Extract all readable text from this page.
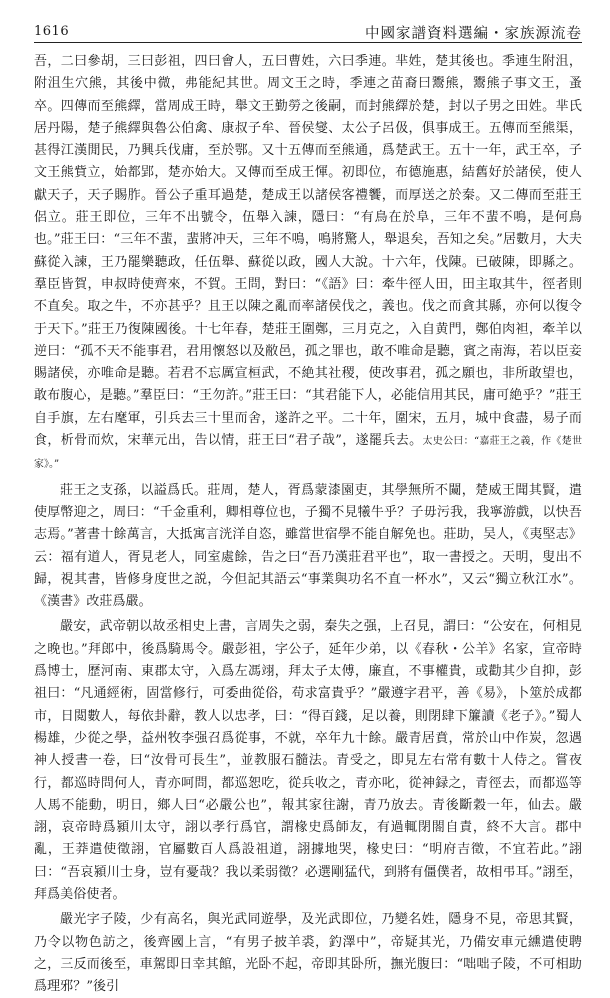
1616	中國家譜資料選編・家族源流卷

吾，二曰參胡，三曰彭祖，四曰會人，五曰曹姓，六曰季連。芈姓，楚其後也。季連生附沮，附沮生穴熊，其後中微，弗能紀其世。周文王之時，季連之苗裔曰鬻熊，鬻熊子事文王，蚤卒。四傳而至熊繹，當周成王時，舉文王勤勞之後嗣，而封熊繹於楚，封以子男之田姓。芈氏居丹陽，楚子熊繹與魯公伯禽、康叔子牟、晉侯燮、太公子呂伋，俱事成王。五傳而至熊渠，甚得江漢閒民，乃興兵伐庸，至於鄂。又十五傳而至熊通，爲楚武王。五十一年，武王卒，子文王熊貲立，始都郢，楚亦始大。又傳而至成王惲。初即位，布德施惠，結舊好於諸侯，使人獻天子，天子賜胙。晉公子重耳過楚，楚成王以諸侯客禮饗，而厚送之於秦。又二傳而至莊王侶立。莊王即位，三年不出號令，伍舉入諫，隱曰：“有鳥在於阜，三年不蜚不鳴，是何鳥也。”莊王曰：“三年不蜚，蜚將冲天，三年不鳴，鳴將驚人，舉退矣，吾知之矣。”居數月，大夫蘇從入諫，王乃罷樂聽政，任伍舉、蘇從以政，國人大說。十六年，伐陳。已破陳，即縣之。羣臣皆賀，申叔時使齊來，不賀。王問，對曰：“《語》曰：牽牛徑人田，田主取其牛，徑者則不直矣。取之牛，不亦甚乎？且王以陳之亂而率諸侯伐之，義也。伐之而貪其縣，亦何以復令于天下。”莊王乃復陳國後。十七年春，楚莊王圍鄭，三月克之，入自黄門，鄭伯肉袒，牽羊以逆曰：“孤不天不能事君，君用懷怒以及敝邑，孤之罪也，敢不唯命是聽，賓之南海，若以臣妾賜諸侯，亦唯命是聽。若君不忘厲宣桓武，不絶其社稷，使改事君，孤之願也，非所敢望也，敢布腹心，是聽。”羣臣曰：“王勿許。”莊王曰：“其君能下人，必能信用其民，庸可絶乎？”莊王自手旗，左右麾軍，引兵去三十里而舍，遂許之平。二十年，圍宋，五月，城中食盡，易子而食，析骨而炊，宋華元出，告以情，莊王曰“君子哉”，遂罷兵去。太史公曰：“嘉莊王之義，作《楚世家》。”

莊王之支孫，以謚爲氏。莊周，楚人，胥爲蒙漆園吏，其學無所不闚，楚威王聞其賢，遣使厚幣迎之，周曰：“千金重利，卿相尊位也，子獨不見犧牛乎？子毋污我，我寧游戲，以快吾志焉。”著書十餘萬言，大抵寓言洸洋自恣，雖當世宿學不能自解免也。莊助，吴人，《夷堅志》云：福有道人，胥見老人，同室處餘，告之曰“吾乃漢莊君平也”，取一書授之。天明，叟出不歸，視其書，皆修身度世之説，今但記其語云“事業與功名不直一杯水”，又云“獨立秋江水”。《漢書》改莊爲嚴。

嚴安，武帝朝以故丞相史上書，言周失之弱，秦失之强，上召見，謂曰：“公安在，何相見之晚也。”拜郎中，後爲騎馬令。嚴彭祖，字公子，延年少弟，以《春秋・公羊》名家，宣帝時爲博士，歷河南、東郡太守，入爲左馮翊，拜太子太傅，廉直，不事權貴，或勸其少自抑，彭祖曰：“凡通經術，固當修行，可委曲從俗，苟求富貴乎？”嚴遵字君平，善《易》，卜筮於成都市，日閲數人，每依卦辭，教人以忠孝，曰：“得百錢，足以養，則閉肆下簾讀《老子》。”蜀人楊雄，少從之學，益州牧李强召爲從事，不就，卒年九十餘。嚴青居賁，常於山中作炭，忽遇神人授書一卷，曰“汝骨可長生”，並教服石髓法。青受之，即見左右常有數十人侍之。嘗夜行，都巡時問何人，青亦呵問，都巡恕吃，從兵收之，青亦叱，從神録之，青徑去，而都巡等人馬不能動，明日，鄉人曰“必嚴公也”，報其家往謝，青乃放去。青後斷穀一年，仙去。嚴詡，哀帝時爲潁川太守，詡以孝行爲官，謂椽史爲師友，有過輒閉閤自責，終不大言。郡中亂，王莽遣使徵詡，官屬數百人爲設祖道，詡據地哭，椽史曰：“明府吉徵，不宜若此。”詡曰：“吾哀潁川士身，豈有憂哉？我以柔弱徵？必選剛猛代，到將有僵僕者，故相弔耳。”詡至，拜爲美俗使者。

嚴光字子陵，少有高名，與光武同遊學，及光武即位，乃變名姓，隱身不見，帝思其賢，乃令以物色訪之，後齊國上言，“有男子披羊裘，釣澤中”，帝疑其光，乃備安車元纁遣使聘之，三反而後至，車駕即日幸其館，光卧不起，帝即其卧所，撫光腹曰：“咄咄子陵，不可相助爲理邪？”後引
